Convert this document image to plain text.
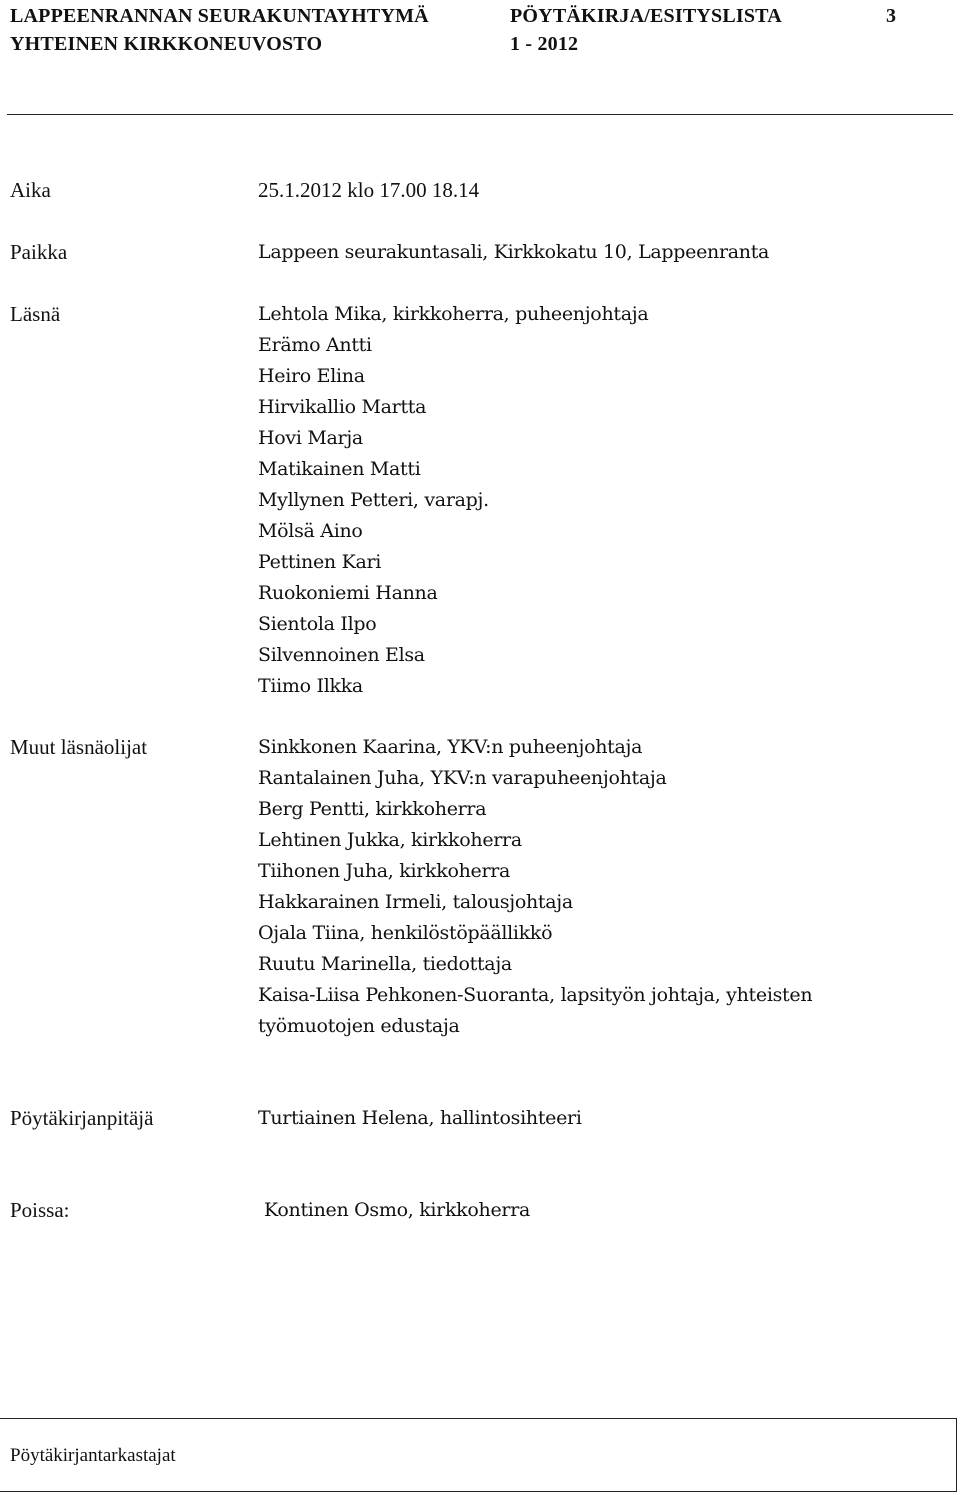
LAPPEENRANNAN SEURAKUNTAYHTYMÄ	PÖYTÄKIRJA/ESITYSLISTA	3
YHTEINEN KIRKKONEUVOSTO	1 - 2012
Aika	25.1.2012 klo 17.00 18.14
Paikka	Lappeen seurakuntasali, Kirkkokatu 10, Lappeenranta
Läsnä	Lehtola Mika, kirkkoherra, puheenjohtaja
Erämo Antti
Heiro Elina
Hirvikallio Martta
Hovi Marja
Matikainen Matti
Myllynen Petteri, varapj.
Mölsä Aino
Pettinen Kari
Ruokoniemi Hanna
Sientola Ilpo
Silvennoinen Elsa
Tiimo Ilkka
Muut läsnäolijat	Sinkkonen Kaarina, YKV:n puheenjohtaja
Rantalainen Juha, YKV:n varapuheenjohtaja
Berg Pentti, kirkkoherra
Lehtinen Jukka, kirkkoherra
Tiihonen Juha, kirkkoherra
Hakkarainen Irmeli, talousjohtaja
Ojala Tiina, henkilöstöpäällikkö
Ruutu Marinella, tiedottaja
Kaisa-Liisa Pehkonen-Suoranta, lapsityön johtaja, yhteisten työmuotojen edustaja
Pöytäkirjanpitäjä	Turtiainen Helena, hallintosihteeri
Poissa:	Kontinen Osmo, kirkkoherra
Pöytäkirjantarkastajat
